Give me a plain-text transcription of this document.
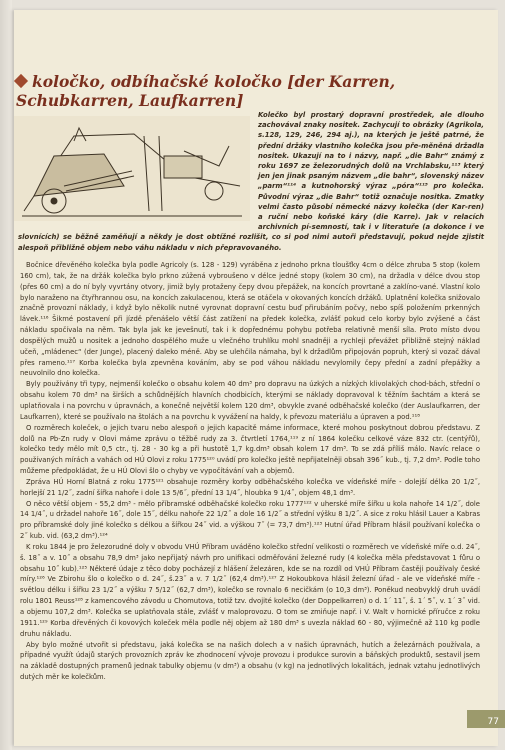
koločko, odbíhačské koločko [der Karren, Schubkarren, Laufkarren]
Kolečko byl prostarý dopravní prostředek, ale dlouho zachovával znaky nositek. Zachycují to obrázky (Agrikola, s.128, 129, 246, 294 aj.), na kterých je ještě patrné, že přední držáky vlastního kolečka jsou pře-měněná držadla nositek. Ukazují na to i názvy, např. „die Bahr“ známý z roku 1697 ze železorudných dolů na Vrchlabsku,¹¹³ který jen jen jinak psaným názvem „die bahr“, slovenský název „parm“¹¹⁴ a kutnohorský výraz „póra“¹¹⁵ pro kolečka. Původní výraz „die Bahr“ totiž označuje nositka. Zmatky velmi často působí německé názvy kolečka (der Kar-ren) a ruční nebo koňské káry (die Karre). Jak v relacích archivních pí-semností, tak i v literatuře (a dokonce i ve slovnících) se běžně zaměňují a někdy je dost obtížné rozlišit, co si pod nimi autoři představují, pokud nejde zjistit alespoň přibližně objem nebo váhu nákladu v nich přepravovaného.

Bočnice dřevěného kolečka byla podle Agricoly (s. 128 - 129) vyráběna z jednoho prkna tloušťky 4cm o délce zhruba 5 stop (kolem 160 cm), tak, že na držák kolečka bylo prkno zúžená vybroušeno v délce jedné stopy (kolem 30 cm), na držadla v délce dvou stop (přes 60 cm) a do ní byly vyvrtány otvory, jimiž byly protaženy čepy dvou přepážek, na koncích provrtané a zaklíno-vané. Vlastní kolo bylo naraženo na čtyřhrannou osu, na koncích zakulacenou, která se otáčela v okovaných koncích držáků. Uplatnění kolečka snižovalo značně provozní náklady, i když bylo několik nutné vyrovnat dopravní cestu buď přirubáním počvy, nebo spíš položením prkenných lávek.¹¹⁶ Šikmé postavení při jízdě přenášelo větší část zatížení na předek kolečka, zvlášť pokud celo korby bylo zvýšené a část nákladu spočívala na něm. Tak byla jak ke jevešnutí, tak i k dopřednému pohybu potřeba relativně menší síla. Proto místo dvou dospělých mužů u nositek a jednoho dospělého muže u vlečného truhlíku mohl snadněji a rychleji převážet přibližně stejný náklad učeň, „mládenec“ (der Junge), placený daleko méně. Aby se ulehčila námaha, byl k držadlům připojován popruh, který si vozač dával přes rameno.¹¹⁷ Korba kolečka byla zpevněna kováním, aby se pod váhou nákladu nevylomily čepy přední a zadní přepážky a neuvolnilo dno kolečka.

Byly používány tři typy, nejmenší kolečko o obsahu kolem 40 dm³ pro dopravu na úzkých a nízkých klivolakých chod-bách, střední o obsahu kolem 70 dm³ na širších a schůdnějších hlavních chodbicích, kterými se náklady dopravoval k těžním šachtám a která se uplatňovala i na povrchu v úpravnách, a konečně největší kolem 120 dm³, obvykle zvané odběhačské kolečko (der Auslaufkarren, der Laufkarren), které se používalo na štolách a na povrchu k vyvážení na haldy, k převozu materiálu a úpraven a pod.¹¹⁸

O rozměrech koleček, o jejich tvaru nebo alespoň o jejich kapacitě máme informace, které mohou poskytnout dobrou představu. Z dolů na Pb-Zn rudy v Olovi máme zprávu o těžbě rudy za 3. čtvrtletí 1764,¹¹⁹ z ní 1864 kolečku celkové váze 832 ctr. (centýřů), kolečko tedy mělo mít 0,5 ctr., tj. 28 - 30 kg a při hustotě 1,7 kg.dm³ obsah kolem 17 dm³. To se zdá příliš málo. Navíc relace o používaných mírách a vahách od HÚ Olovi z roku 1775¹²⁰ uvádí pro kolečko ještě nepřijatelněji obsah 396˝ kub., tj. 7,2 dm³. Podle toho můžeme předpokládat, že u HÚ Olovi šlo o chyby ve vypočítávání vah a objemů.

Zpráva HÚ Horní Blatná z roku 1775¹²¹ obsahuje rozměry korby odběhačského kolečka ve vídeňské míře - dolejší délka 20 1/2˝, horlejší 21 1/2˝, zadní šířka nahoře i dole 13 5/6˝, přední 13 1/4˝, hloubka 9 1/4˝, objem 48,1 dm³.

O něco větší objem - 55,2 dm³ - mělo příbramské odběhačské kolečko roku 1777¹²² v uherské míře šířku u kola nahoře 14 1/2˝, dole 14 1/4˝, u držadel nahoře 16˝, dole 15˝, délku nahoře 22 1/2˝ a dole 16 1/2˝ a střední výšku 8 1/2˝. A sice z roku hlásil Lauer a Kabras pro příbramské doly jiné kolečko s délkou a šířkou 24˝ vid. a výškou 7˝ (= 73,7 dm³).¹²³ Hutní úřad Příbram hlásil používaní kolečka o 2˝ kub. vid. (63,2 dm³).¹²⁴

K roku 1844 je pro železorudné doly v obvodu VHÚ Příbram uváděno kolečko střední velikosti o rozměrech ve vídeňské míře o.d. 24˝, š. 18˝ a v. 10˝ a obsahu 78,9 dm³ jako nepřijatý návrh pro unifikaci odměřování železné rudy (4 kolečka měla představovat 1 fůru o obsahu 10˝ kub).¹²⁵ Některé údaje z těco doby pocházejí z hlášení železáren, kde se na rozdíl od VHÚ Příbram častěji používaly české míry.¹²⁶ Ve Zbirohu šlo o kolečko o d. 24˝, š.23˝ a v. 7 1/2˝ (62,4 dm³).¹²⁷ Z Hokoubkova hlásil železní úřad - ale ve vídeňské míře - světlou délku i šířku 23 1/2˝ a výšku 7 5/12˝ (62,7 dm³), kolečko se rovnalo 6 necičkám (o 10,3 dm³). Poněkud neobvyklý druh uvádí rolu 1801 Reuss¹²⁸ z kamencového závodu u Chomutova, totiž tzv. dvojité kolečko (der Doppelkarren) o d. 1´ 11˝, š. 1´ 5˝, v. 1´ 3˝ vid. a objemu 107,2 dm³. Kolečka se uplatňovala stále, zvlášť v maloprovozu. O tom se zmiňuje např. i V. Walt v hornické příručce z roku 1911.¹²⁹ Korba dřevěných či kovových koleček měla podle něj objem až 180 dm³ s uvezla náklad 60 - 80, výjimečně až 110 kg podle druhu nákladu.

Aby bylo možné utvořit si představu, jaká kolečka se na našich dolech a v našich úpravnách, hutích a železárnách používala, a případné využít údajů starých provozních zpráv ke zhodnocení vývoje provozu i produkce surovin a báňských produktů, sestavil jsem na základě dostupných pramenů jednak tabulky objemu (v dm³) a obsahu (v kg) na jednotlivých lokalitách, jednak vztahu jednotlivých dutých měr ke kolečkům.

77
